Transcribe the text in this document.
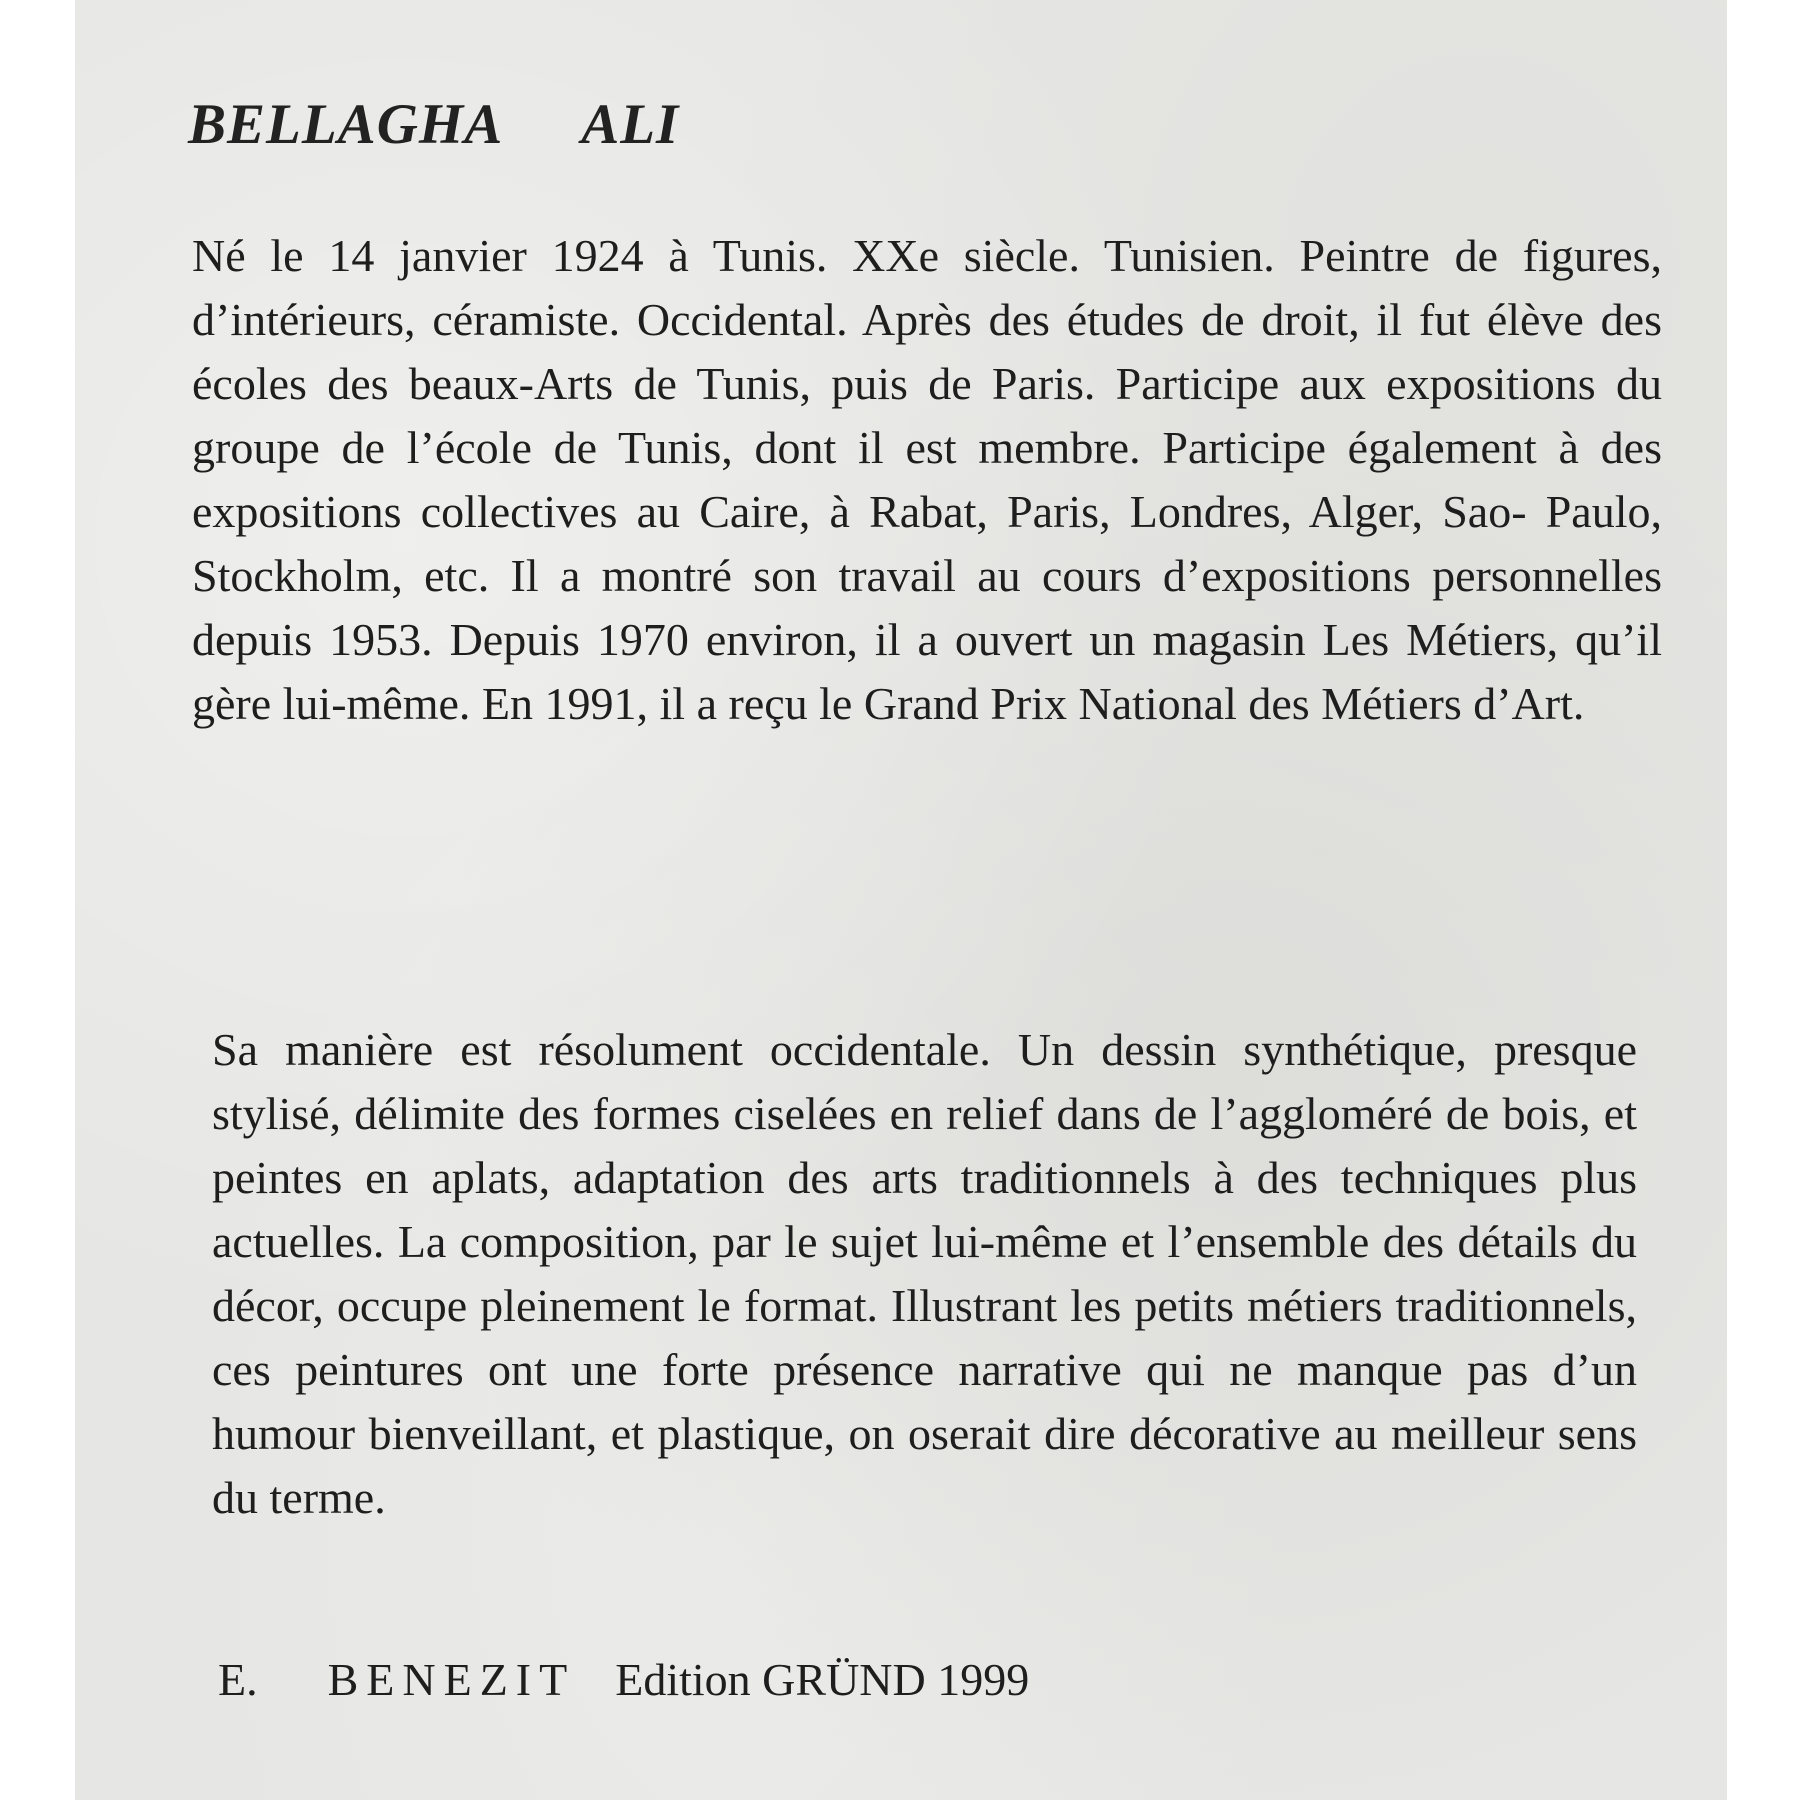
BELLAGHA ALI

Né le 14 janvier 1924 à Tunis. XXe siècle. Tunisien. Peintre de figures, d’intérieurs, céramiste. Occidental. Après des études de droit, il fut élève des écoles des beaux-Arts de Tunis, puis de Paris. Participe aux expositions du groupe de l’école de Tunis, dont il est membre. Participe également à des expositions collectives au Caire, à Rabat, Paris, Londres, Alger, Sao- Paulo, Stockholm, etc. Il a montré son travail au cours d’expositions personnelles depuis 1953. Depuis 1970 environ, il a ouvert un magasin Les Métiers, qu’il gère lui-même. En 1991, il a reçu le Grand Prix National des Métiers d’Art.

Sa manière est résolument occidentale. Un dessin synthétique, presque stylisé, délimite des formes ciselées en relief dans de l’aggloméré de bois, et peintes en aplats, adaptation des arts traditionnels à des techniques plus actuelles. La composition, par le sujet lui-même et l’ensemble des détails du décor, occupe pleinement le format. Illustrant les petits métiers traditionnels, ces peintures ont une forte présence narrative qui ne manque pas d’un humour bienveillant, et plastique, on oserait dire décorative au meilleur sens du terme.

E. BENEZIT Edition GRÜND 1999
